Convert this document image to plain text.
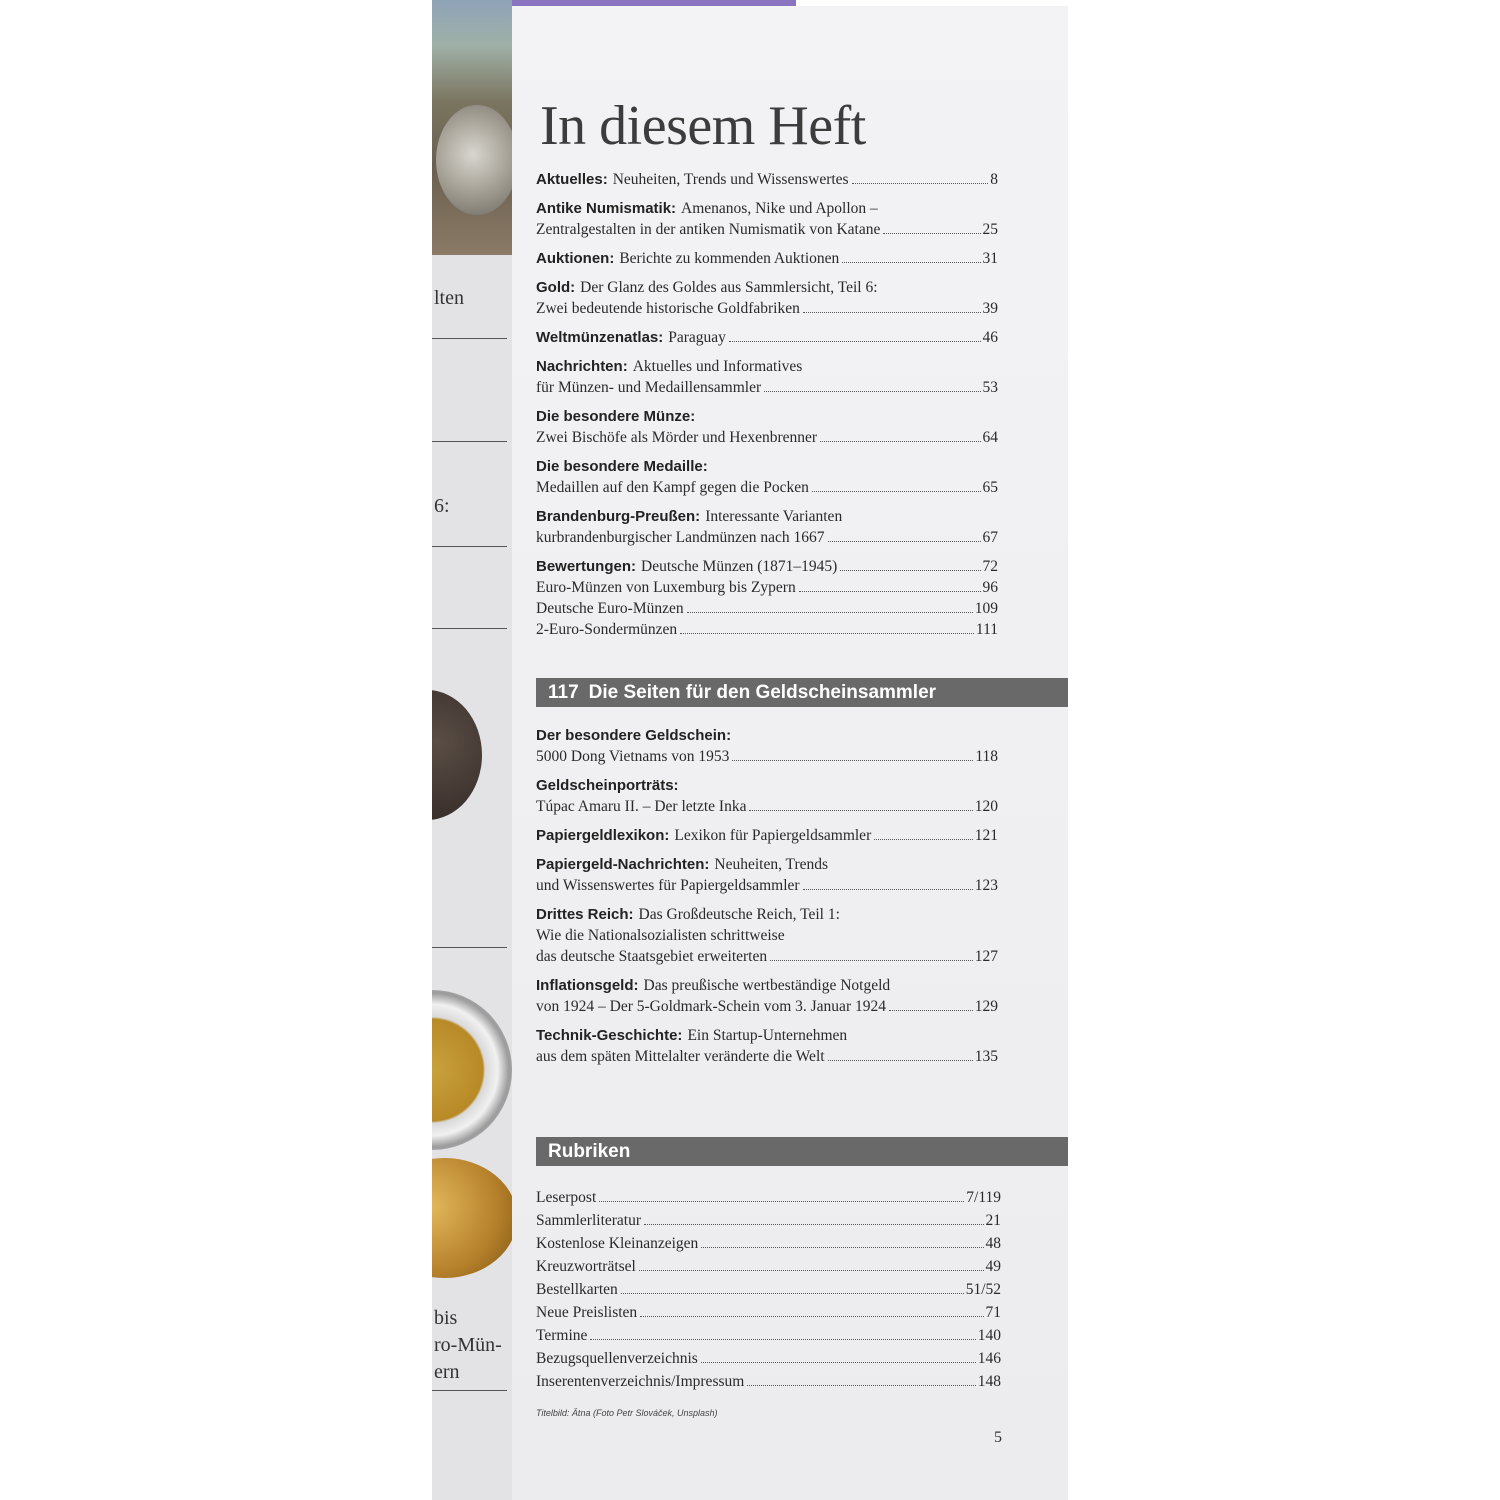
lten
6:
bis
ro-Mün-
ern
In diesem Heft
Aktuelles: Neuheiten, Trends und Wissenswertes	8
Antike Numismatik: Amenanos, Nike und Apollon –
Zentralgestalten in der antiken Numismatik von Katane	25
Auktionen: Berichte zu kommenden Auktionen	31
Gold: Der Glanz des Goldes aus Sammlersicht, Teil 6:
Zwei bedeutende historische Goldfabriken	39
Weltmünzenatlas: Paraguay	46
Nachrichten: Aktuelles und Informatives
für Münzen- und Medaillensammler	53
Die besondere Münze:
Zwei Bischöfe als Mörder und Hexenbrenner	64
Die besondere Medaille:
Medaillen auf den Kampf gegen die Pocken	65
Brandenburg-Preußen: Interessante Varianten
kurbrandenburgischer Landmünzen nach 1667	67
Bewertungen: Deutsche Münzen (1871–1945)	72
Euro-Münzen von Luxemburg bis Zypern	96
Deutsche Euro-Münzen	109
2-Euro-Sondermünzen	111
117 Die Seiten für den Geldscheinsammler
Der besondere Geldschein:
5000 Dong Vietnams von 1953	118
Geldscheinporträts:
Túpac Amaru II. – Der letzte Inka	120
Papiergeldlexikon: Lexikon für Papiergeldsammler	121
Papiergeld-Nachrichten: Neuheiten, Trends
und Wissenswertes für Papiergeldsammler	123
Drittes Reich: Das Großdeutsche Reich, Teil 1:
Wie die Nationalsozialisten schrittweise
das deutsche Staatsgebiet erweiterten	127
Inflationsgeld: Das preußische wertbeständige Notgeld
von 1924 – Der 5-Goldmark-Schein vom 3. Januar 1924	129
Technik-Geschichte: Ein Startup-Unternehmen
aus dem späten Mittelalter veränderte die Welt	135
Rubriken
Leserpost	7/119
Sammlerliteratur	21
Kostenlose Kleinanzeigen	48
Kreuzworträtsel	49
Bestellkarten	51/52
Neue Preislisten	71
Termine	140
Bezugsquellenverzeichnis	146
Inserentenverzeichnis/Impressum	148
Titelbild: Ätna (Foto Petr Slováček, Unsplash)
5
